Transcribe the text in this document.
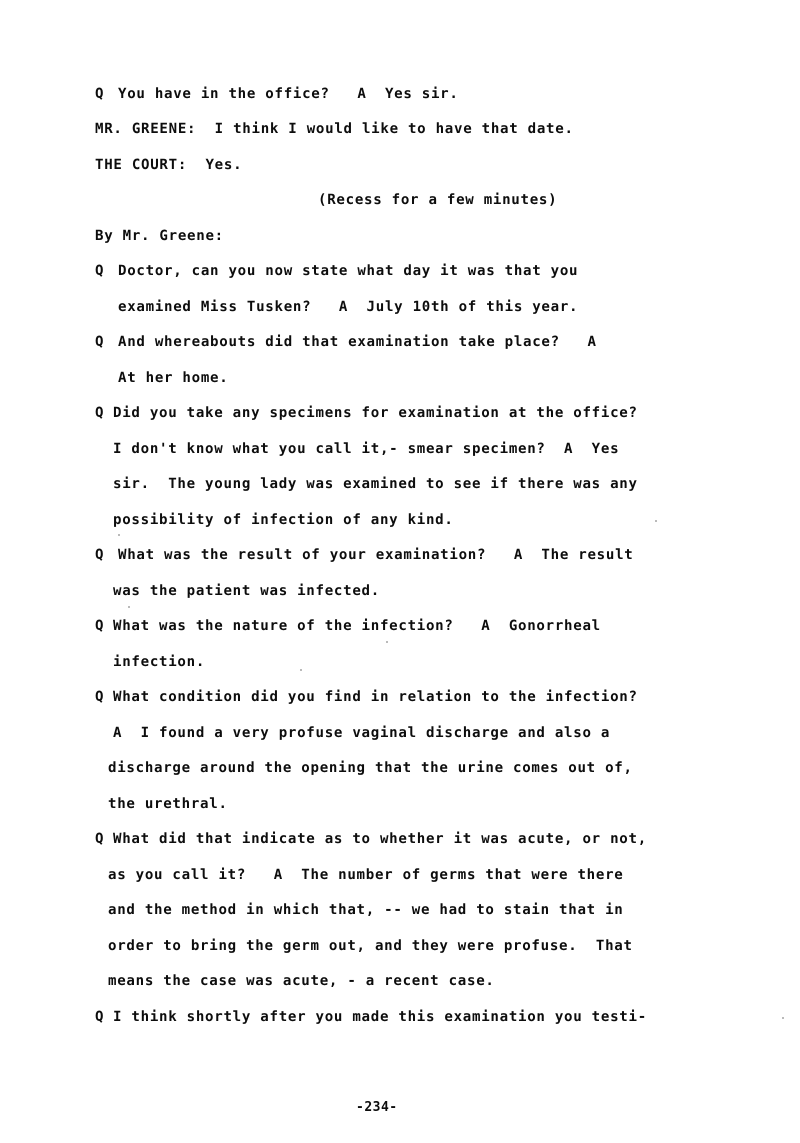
Q
Q
Q
Q
Q
Q
Q
Q
Q
You have in the office?   A  Yes sir.
MR. GREENE:  I think I would like to have that date.
THE COURT:  Yes.
(Recess for a few minutes)
By Mr. Greene:
Doctor, can you now state what day it was that you
examined Miss Tusken?   A  July 10th of this year.
And whereabouts did that examination take place?   A
At her home.
Did you take any specimens for examination at the office?
I don't know what you call it,- smear specimen?  A  Yes
sir.  The young lady was examined to see if there was any
possibility of infection of any kind.
What was the result of your examination?   A  The result
was the patient was infected.
What was the nature of the infection?   A  Gonorrheal
infection.
What condition did you find in relation to the infection?
A  I found a very profuse vaginal discharge and also a
discharge around the opening that the urine comes out of,
the urethral.
What did that indicate as to whether it was acute, or not,
as you call it?   A  The number of germs that were there
and the method in which that, -- we had to stain that in
order to bring the germ out, and they were profuse.  That
means the case was acute, - a recent case.
I think shortly after you made this examination you testi-
-234-
